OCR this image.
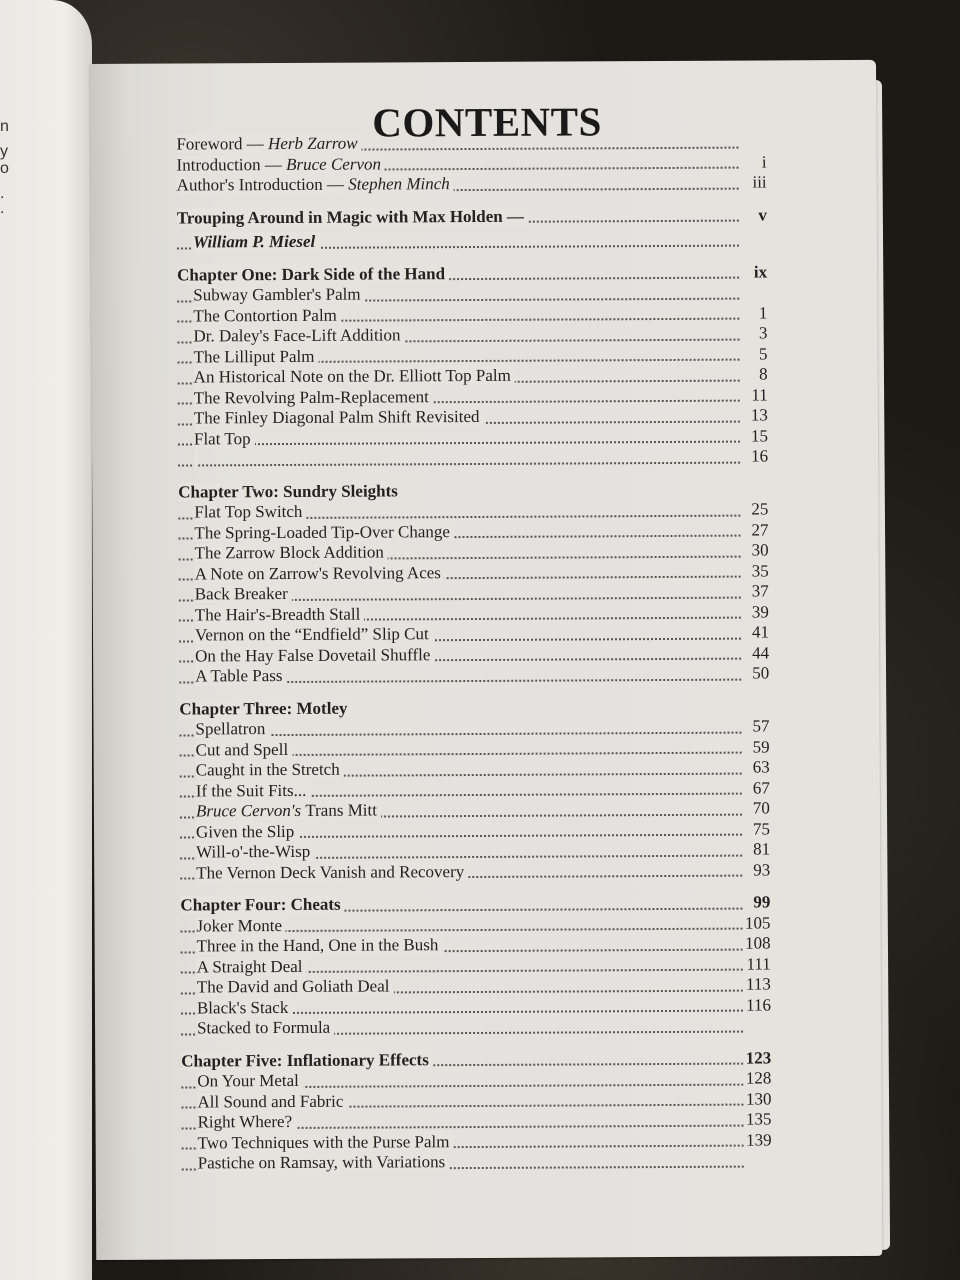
n
y
o
.
.
CONTENTS
Foreword — Herb Zarrow
Introduction — Bruce Cervon	i
Author's Introduction — Stephen Minch	iii
Trouping Around in Magic with Max Holden —	v
William P. Miesel
Chapter One: Dark Side of the Hand	ix
Subway Gambler's Palm
The Contortion Palm	1
Dr. Daley's Face-Lift Addition	3
The Lilliput Palm	5
An Historical Note on the Dr. Elliott Top Palm	8
The Revolving Palm-Replacement	11
The Finley Diagonal Palm Shift Revisited	13
Flat Top	15
16
Chapter Two: Sundry Sleights
Flat Top Switch	25
The Spring-Loaded Tip-Over Change	27
The Zarrow Block Addition	30
A Note on Zarrow's Revolving Aces	35
Back Breaker	37
The Hair's-Breadth Stall	39
Vernon on the “Endfield” Slip Cut	41
On the Hay False Dovetail Shuffle	44
A Table Pass	50
Chapter Three: Motley
Spellatron	57
Cut and Spell	59
Caught in the Stretch	63
If the Suit Fits...	67
Bruce Cervon's Trans Mitt	70
Given the Slip	75
Will-o'-the-Wisp	81
The Vernon Deck Vanish and Recovery	93
Chapter Four: Cheats	99
Joker Monte	105
Three in the Hand, One in the Bush	108
A Straight Deal	111
The David and Goliath Deal	113
Black's Stack	116
Stacked to Formula
Chapter Five: Inflationary Effects	123
On Your Metal	128
All Sound and Fabric	130
Right Where?	135
Two Techniques with the Purse Palm	139
Pastiche on Ramsay, with Variations
